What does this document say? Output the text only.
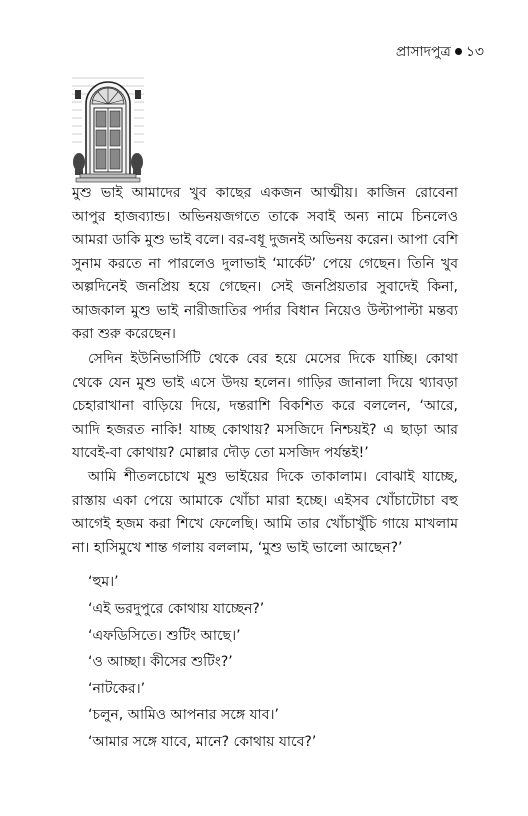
প্রাসাদপুত্র ১৩

মুশু ভাই আমাদের খুব কাছের একজন আত্মীয়। কাজিন রোবেনা আপুর হাজব্যান্ড। অভিনয়জগতে তাকে সবাই অন্য নামে চিনলেও আমরা ডাকি মুশু ভাই বলে। বর-বধূ দুজনই অভিনয় করেন। আপা বেশি সুনাম করতে না পারলেও দুলাভাই ‘মার্কেট’ পেয়ে গেছেন। তিনি খুব অল্পদিনেই জনপ্রিয় হয়ে গেছেন। সেই জনপ্রিয়তার সুবাদেই কিনা, আজকাল মুশু ভাই নারীজাতির পর্দার বিধান নিয়েও উল্টাপাল্টা মন্তব্য করা শুরু করেছেন।

সেদিন ইউনিভার্সিটি থেকে বের হয়ে মেসের দিকে যাচ্ছি। কোথা থেকে যেন মুশু ভাই এসে উদয় হলেন। গাড়ির জানালা দিয়ে থ্যাবড়া চেহারাখানা বাড়িয়ে দিয়ে, দন্তরাশি বিকশিত করে বললেন, ‘আরে, আদি হজরত নাকি! যাচ্ছ কোথায়? মসজিদে নিশ্চয়ই? এ ছাড়া আর যাবেই-বা কোথায়? মোল্লার দৌড় তো মসজিদ পর্যন্তই!’

আমি শীতলচোখে মুশু ভাইয়ের দিকে তাকালাম। বোঝাই যাচ্ছে, রাস্তায় একা পেয়ে আমাকে খোঁচা মারা হচ্ছে। এইসব খোঁচাটোচা বহু আগেই হজম করা শিখে ফেলেছি। আমি তার খোঁচাখুঁচি গায়ে মাখলাম না। হাসিমুখে শান্ত গলায় বললাম, ‘মুশু ভাই ভালো আছেন?’

‘হুম।’

‘এই ভরদুপুরে কোথায় যাচ্ছেন?’

‘এফডিসিতে। শুটিং আছে।’

‘ও আচ্ছা। কীসের শুটিং?’

‘নাটকের।’

‘চলুন, আমিও আপনার সঙ্গে যাব।’

‘আমার সঙ্গে যাবে, মানে? কোথায় যাবে?’
